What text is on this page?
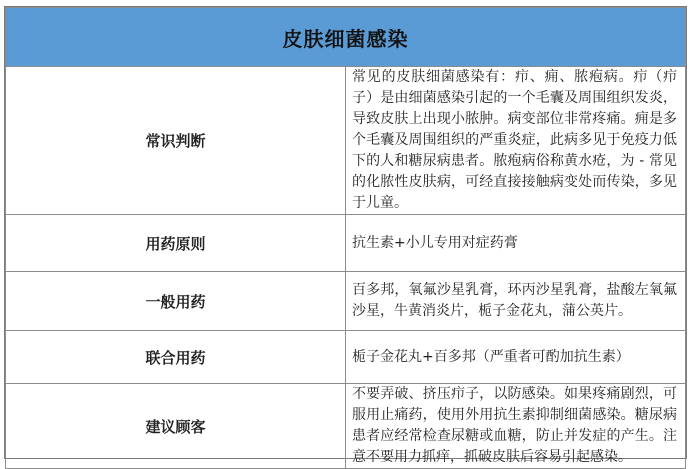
皮肤细菌感染	
常识判断	常见的皮肤细菌感染有：疖、痈、脓疱病。疖（疖子）是由细菌感染引起的一个毛囊及周围组织发炎，导致皮肤上出现小脓肿。病变部位非常疼痛。痈是多个毛囊及周围组织的严重炎症，此病多见于免疫力低下的人和糖尿病患者。脓疱病俗称黄水疮，为 - 常见的化脓性皮肤病，可经直接接触病变处而传染，多见于儿童。
用药原则	抗生素+小儿专用对症药膏
一般用药	百多邦，氧氟沙星乳膏，环丙沙星乳膏，盐酸左氧氟沙星，牛黄消炎片，栀子金花丸，蒲公英片。
联合用药	栀子金花丸+百多邦（严重者可酌加抗生素）
建议顾客	不要弄破、挤压疖子，以防感染。如果疼痛剧烈，可服用止痛药，使用外用抗生素抑制细菌感染。糖尿病患者应经常检查尿糖或血糖，防止并发症的产生。注意不要用力抓痒，抓破皮肤后容易引起感染。
